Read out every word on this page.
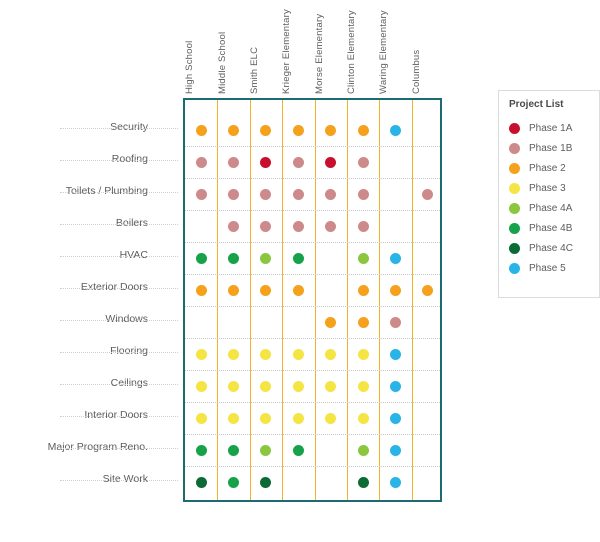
High School Middle School Smith ELC Krieger Elementary Morse Elementary Clinton Elementary Waring Elementary Columbus
Project List
Phase 1A
Phase 1B
Phase 2
Phase 3
Phase 4A
Phase 4B
Phase 4C
Phase 5
Security
Roofing
Toilets / Plumbing
Boilers
HVAC
Exterior Doors
Windows
Flooring
Ceilings
Interior Doors
Major Program Reno.
Site Work
